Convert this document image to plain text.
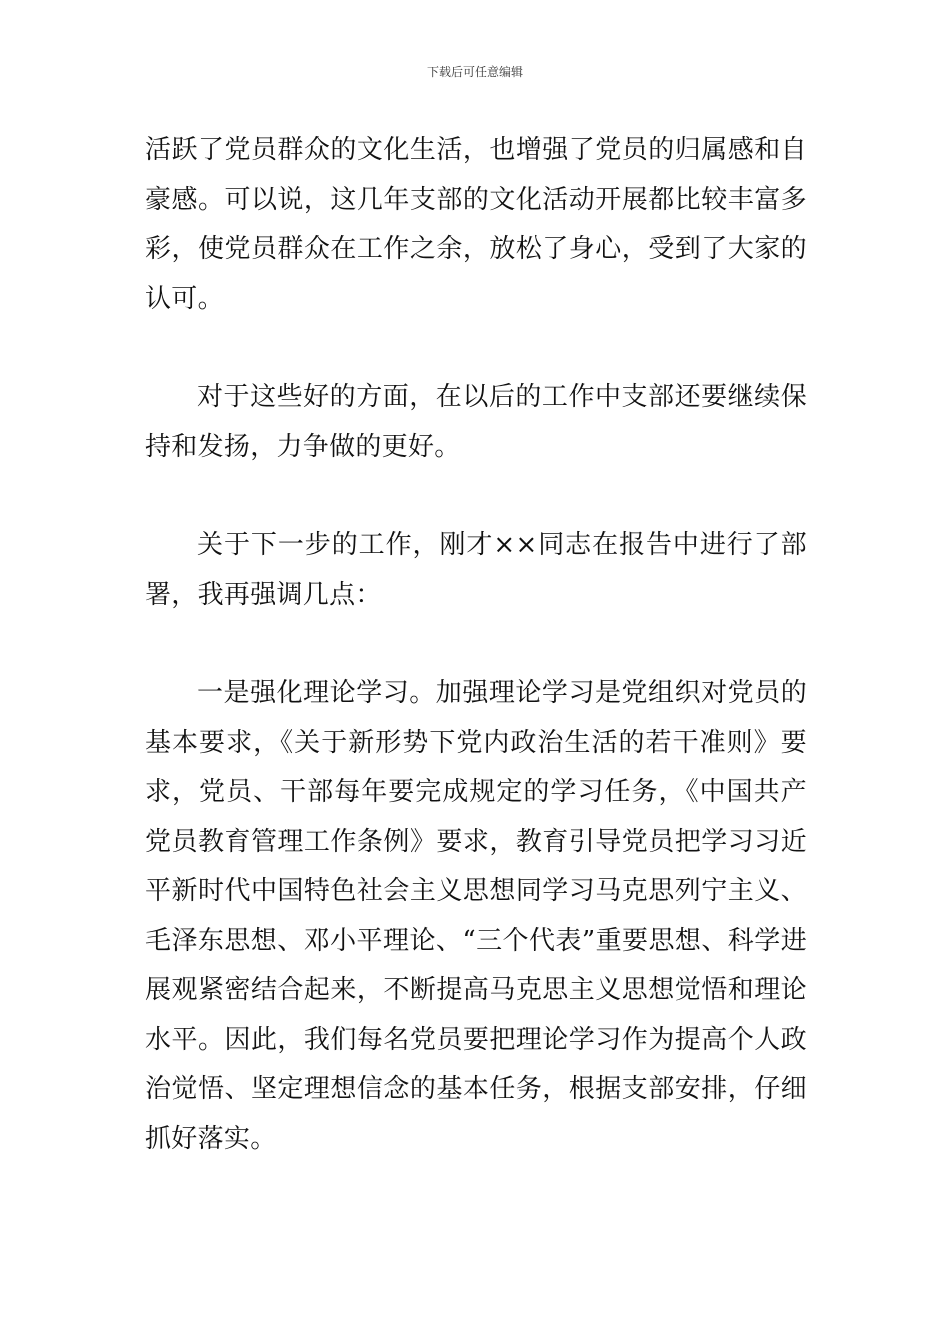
下载后可任意编辑

活跃了党员群众的文化生活，也增强了党员的归属感和自豪感。可以说，这几年支部的文化活动开展都比较丰富多彩，使党员群众在工作之余，放松了身心，受到了大家的认可。

对于这些好的方面，在以后的工作中支部还要继续保持和发扬，力争做的更好。

关于下一步的工作，刚才××同志在报告中进行了部署，我再强调几点：

一是强化理论学习。加强理论学习是党组织对党员的基本要求，《关于新形势下党内政治生活的若干准则》要求，党员、干部每年要完成规定的学习任务，《中国共产党员教育管理工作条例》要求，教育引导党员把学习习近平新时代中国特色社会主义思想同学习马克思列宁主义、毛泽东思想、邓小平理论、“三个代表”重要思想、科学进展观紧密结合起来，不断提高马克思主义思想觉悟和理论水平。因此，我们每名党员要把理论学习作为提高个人政治觉悟、坚定理想信念的基本任务，根据支部安排，仔细抓好落实。
